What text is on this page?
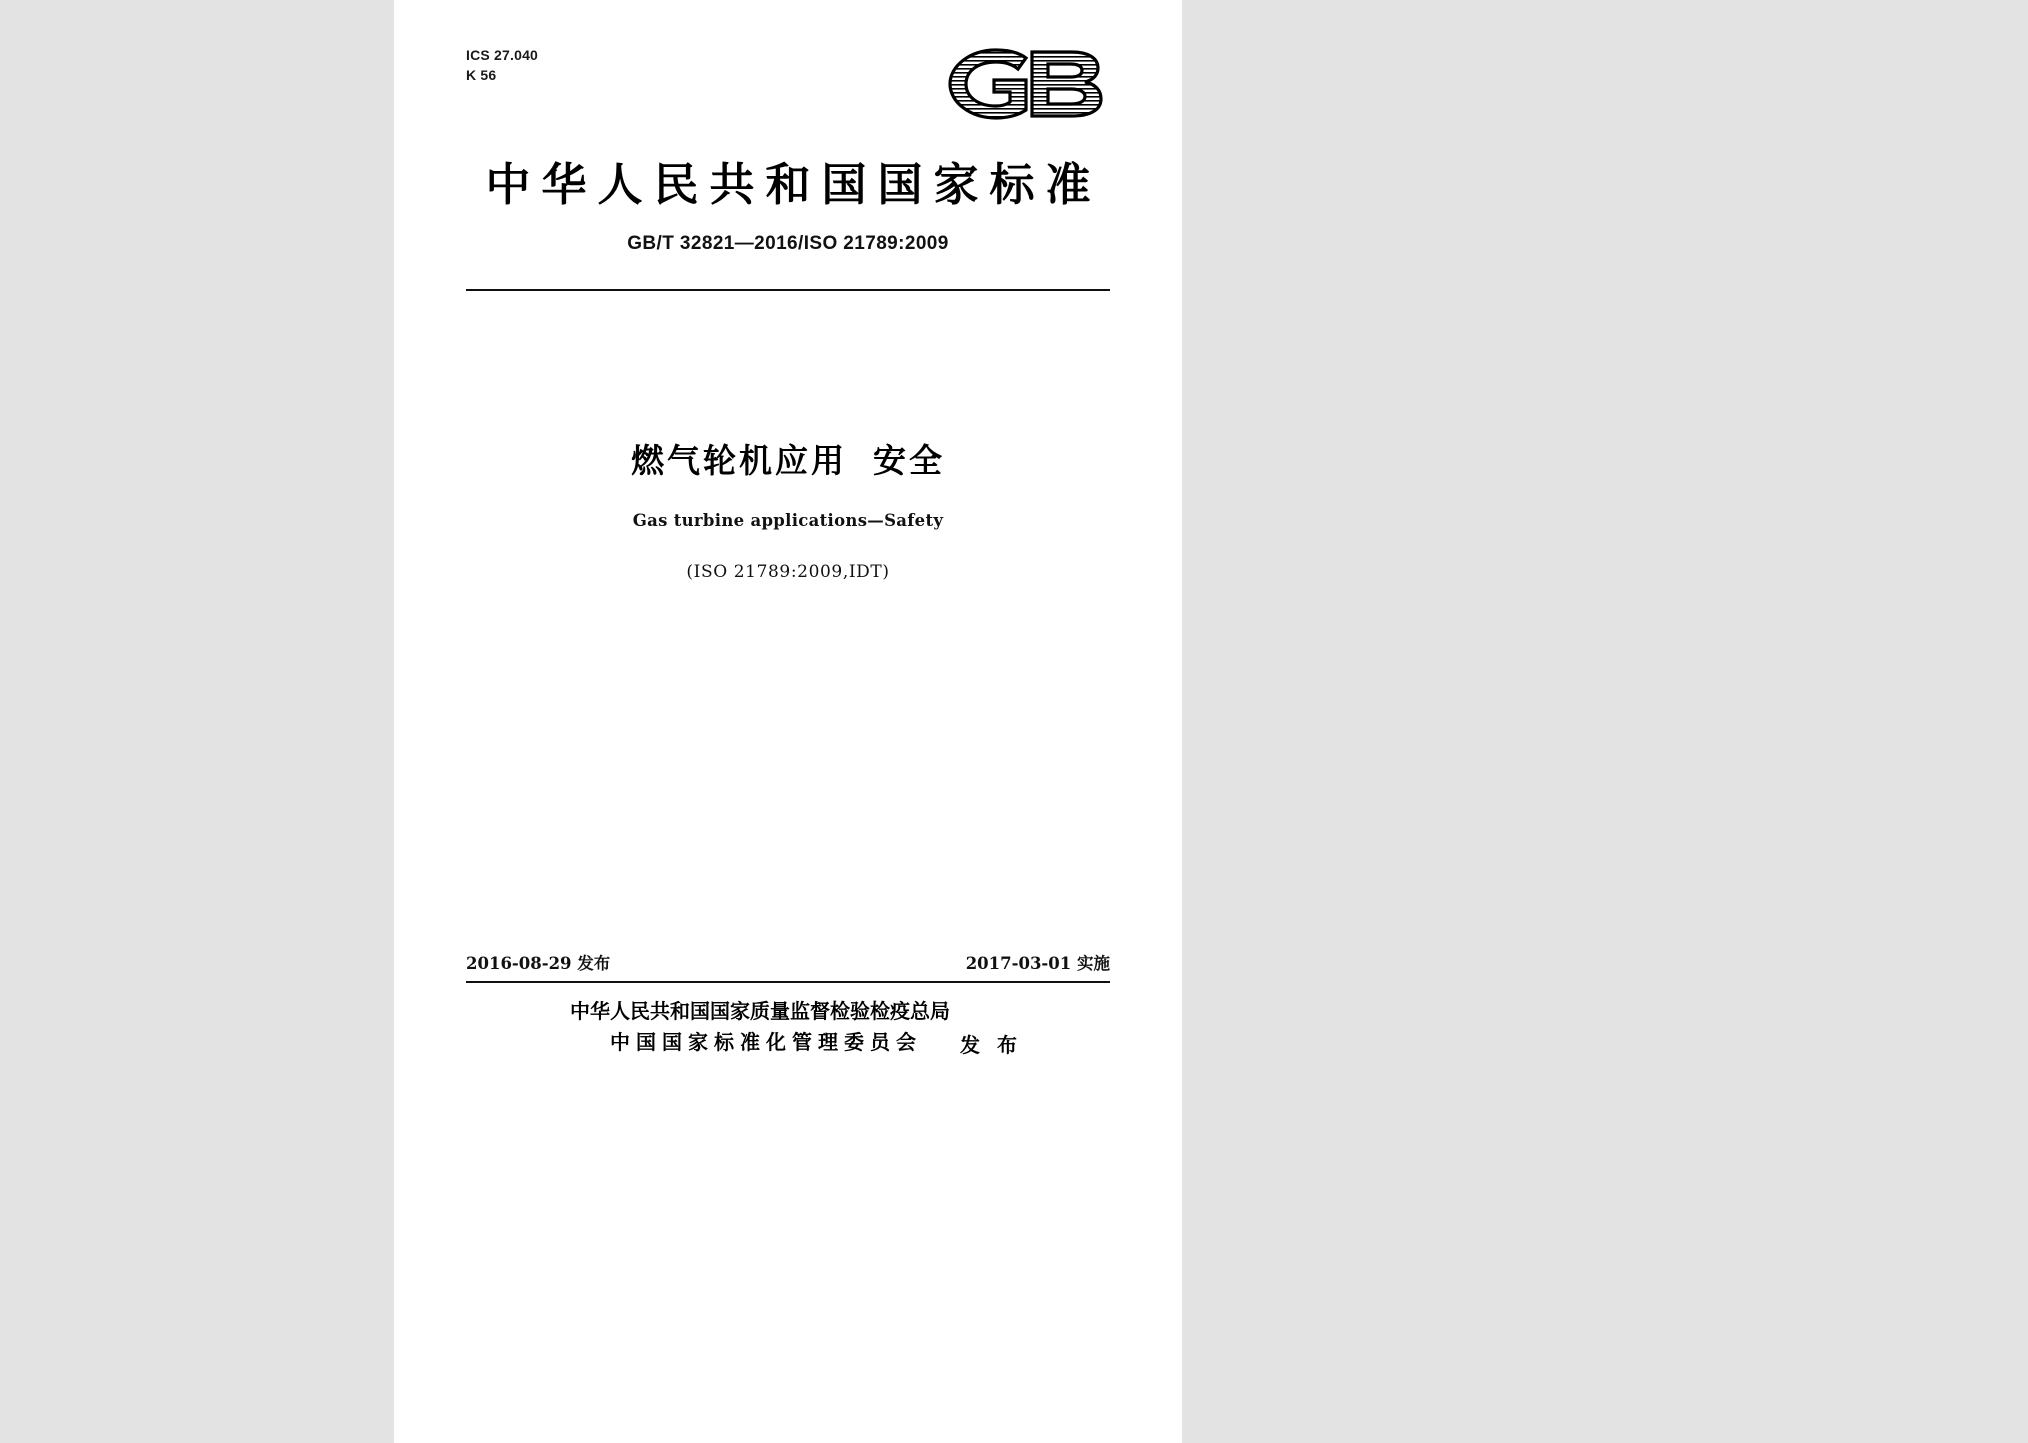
ICS 27.040
K 56
中华人民共和国国家标准
GB/T 32821—2016/ISO 21789:2009
燃气轮机应用 安全
Gas turbine applications—Safety
(ISO 21789:2009,IDT)
2016-08-29 发布	2017-03-01 实施
中华人民共和国国家质量监督检验检疫总局
中国国家标准化管理委员会	发 布
